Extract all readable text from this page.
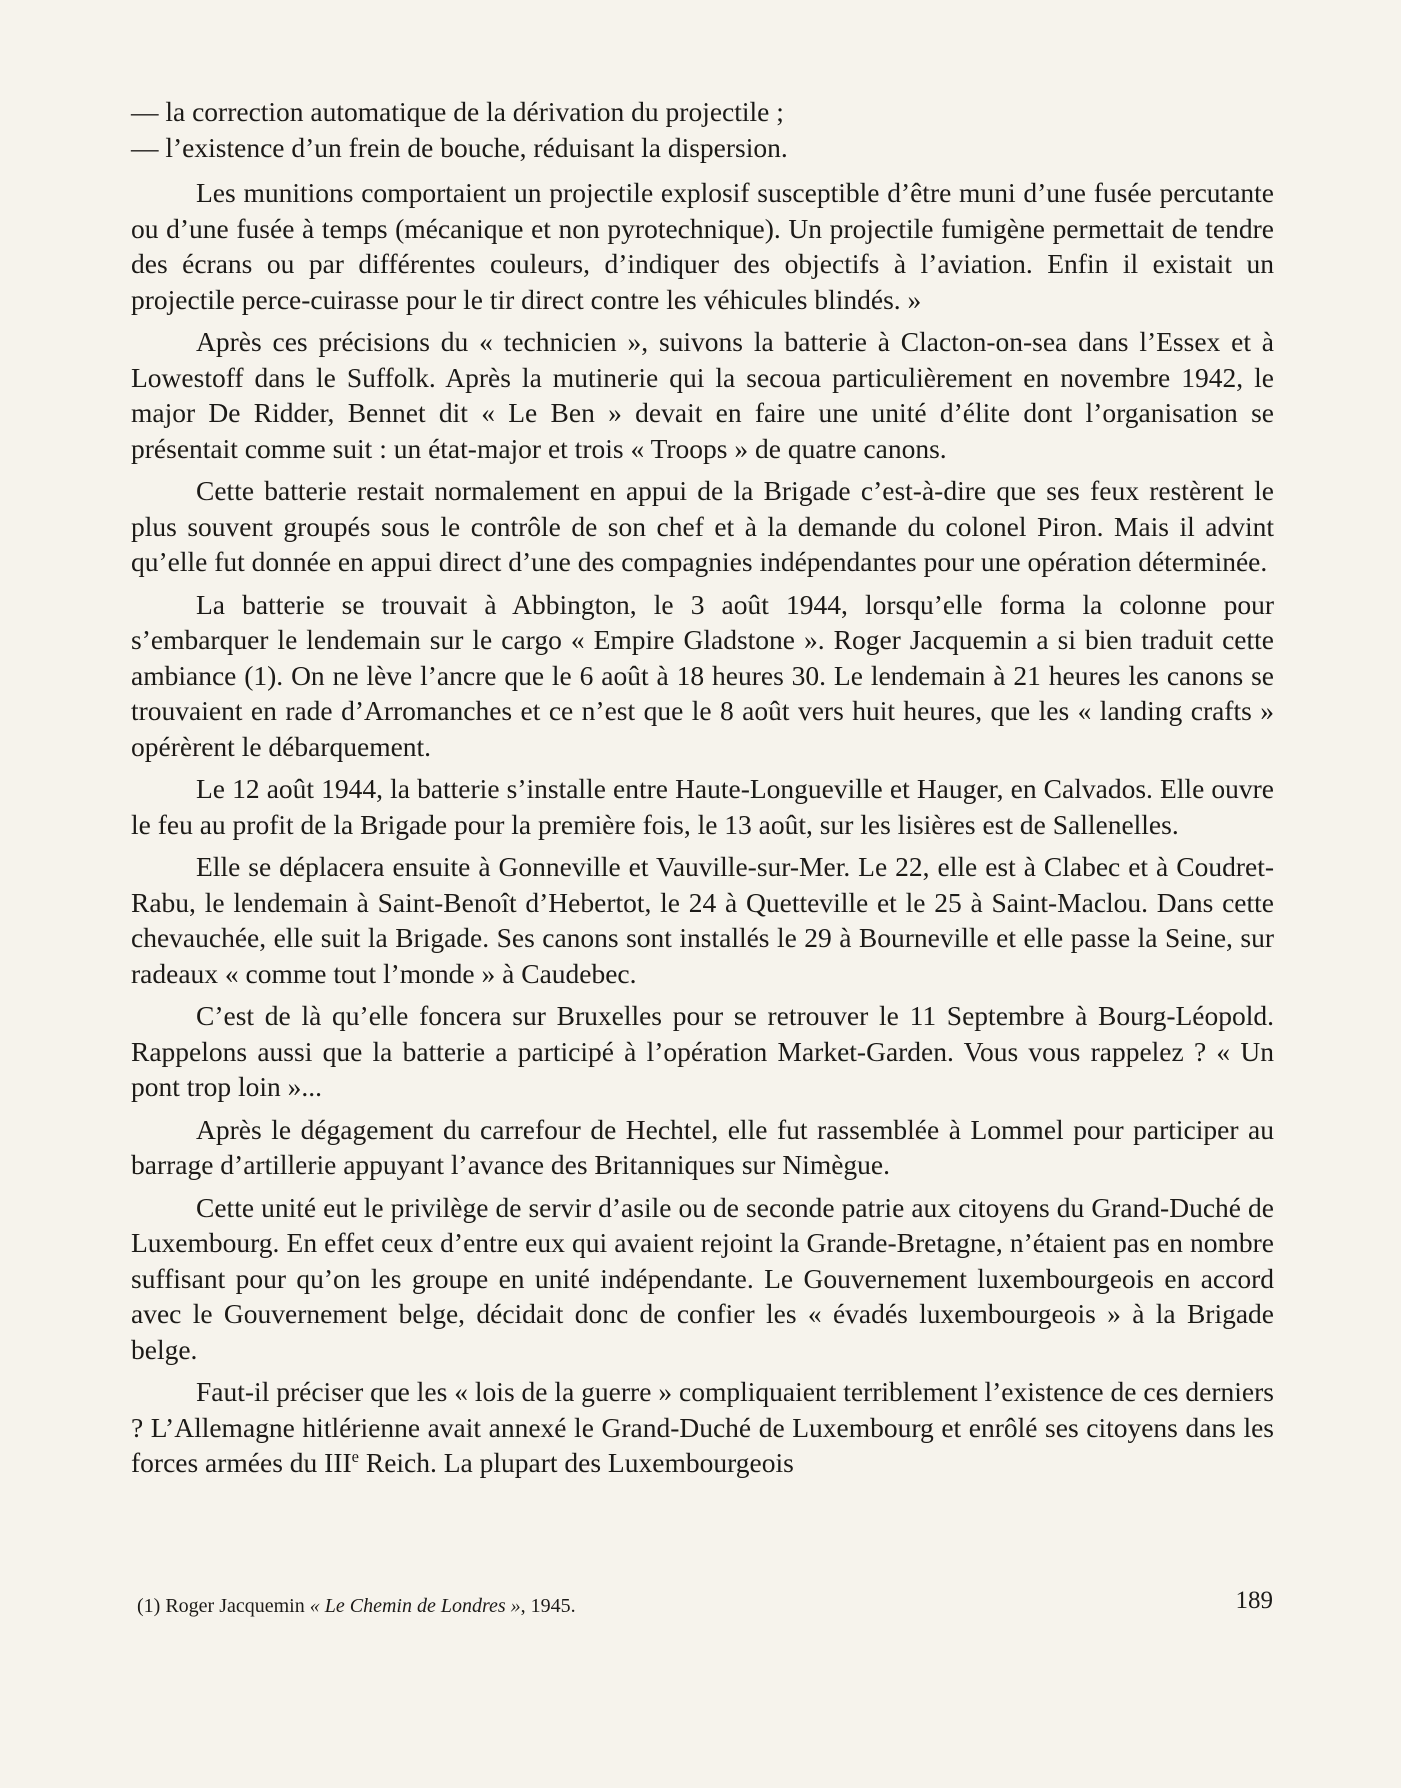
— la correction automatique de la dérivation du projectile ;

— l’existence d’un frein de bouche, réduisant la dispersion.

Les munitions comportaient un projectile explosif susceptible d’être muni d’une fusée percutante ou d’une fusée à temps (mécanique et non pyrotechnique). Un projectile fumigène permettait de tendre des écrans ou par différentes couleurs, d’indiquer des objectifs à l’aviation. Enfin il existait un projectile perce-cuirasse pour le tir direct contre les véhicules blindés. »

Après ces précisions du « technicien », suivons la batterie à Clacton-on-sea dans l’Essex et à Lowestoff dans le Suffolk. Après la mutinerie qui la secoua particulièrement en novembre 1942, le major De Ridder, Bennet dit « Le Ben » devait en faire une unité d’élite dont l’organisation se présentait comme suit : un état-major et trois « Troops » de quatre canons.

Cette batterie restait normalement en appui de la Brigade c’est-à-dire que ses feux restèrent le plus souvent groupés sous le contrôle de son chef et à la demande du colonel Piron. Mais il advint qu’elle fut donnée en appui direct d’une des compagnies indépendantes pour une opération déterminée.

La batterie se trouvait à Abbington, le 3 août 1944, lorsqu’elle forma la colonne pour s’embarquer le lendemain sur le cargo « Empire Gladstone ». Roger Jacquemin a si bien traduit cette ambiance (1). On ne lève l’ancre que le 6 août à 18 heures 30. Le lendemain à 21 heures les canons se trouvaient en rade d’Arromanches et ce n’est que le 8 août vers huit heures, que les « landing crafts » opérèrent le débarquement.

Le 12 août 1944, la batterie s’installe entre Haute-Longueville et Hauger, en Calvados. Elle ouvre le feu au profit de la Brigade pour la première fois, le 13 août, sur les lisières est de Sallenelles.

Elle se déplacera ensuite à Gonneville et Vauville-sur-Mer. Le 22, elle est à Clabec et à Coudret-Rabu, le lendemain à Saint-Benoît d’Hebertot, le 24 à Quetteville et le 25 à Saint-Maclou. Dans cette chevauchée, elle suit la Brigade. Ses canons sont installés le 29 à Bourneville et elle passe la Seine, sur radeaux « comme tout l’monde » à Caudebec.

C’est de là qu’elle foncera sur Bruxelles pour se retrouver le 11 Septembre à Bourg-Léopold. Rappelons aussi que la batterie a participé à l’opération Market-Garden. Vous vous rappelez ? « Un pont trop loin »...

Après le dégagement du carrefour de Hechtel, elle fut rassemblée à Lommel pour participer au barrage d’artillerie appuyant l’avance des Britanniques sur Nimègue.

Cette unité eut le privilège de servir d’asile ou de seconde patrie aux citoyens du Grand-Duché de Luxembourg. En effet ceux d’entre eux qui avaient rejoint la Grande-Bretagne, n’étaient pas en nombre suffisant pour qu’on les groupe en unité indépendante. Le Gouvernement luxembourgeois en accord avec le Gouvernement belge, décidait donc de confier les « évadés luxembourgeois » à la Brigade belge.

Faut-il préciser que les « lois de la guerre » compliquaient terriblement l’existence de ces derniers ? L’Allemagne hitlérienne avait annexé le Grand-Duché de Luxembourg et enrôlé ses citoyens dans les forces armées du IIIe Reich. La plupart des Luxembourgeois

(1) Roger Jacquemin « Le Chemin de Londres », 1945.	189
